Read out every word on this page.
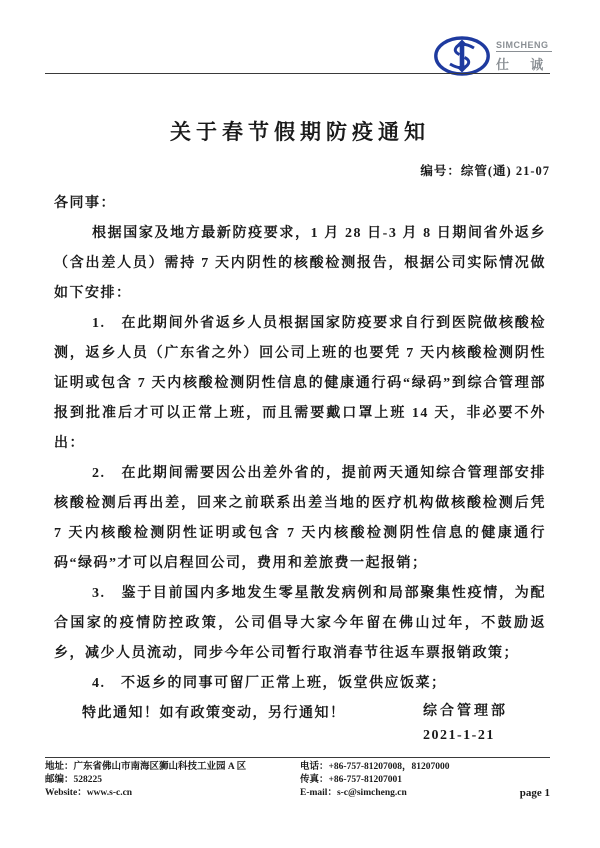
SIMCHENG
仕 诚
关于春节假期防疫通知
编号：综管(通) 21-07

各同事：

根据国家及地方最新防疫要求，1 月 28 日-3 月 8 日期间省外返乡（含出差人员）需持 7 天内阴性的核酸检测报告，根据公司实际情况做如下安排：

1.　在此期间外省返乡人员根据国家防疫要求自行到医院做核酸检测，返乡人员（广东省之外）回公司上班的也要凭 7 天内核酸检测阴性证明或包含 7 天内核酸检测阴性信息的健康通行码“绿码”到综合管理部报到批准后才可以正常上班，而且需要戴口罩上班 14 天，非必要不外出：

2.　在此期间需要因公出差外省的，提前两天通知综合管理部安排核酸检测后再出差，回来之前联系出差当地的医疗机构做核酸检测后凭 7 天内核酸检测阴性证明或包含 7 天内核酸检测阴性信息的健康通行码“绿码”才可以启程回公司，费用和差旅费一起报销；

3.　鉴于目前国内多地发生零星散发病例和局部聚集性疫情，为配合国家的疫情防控政策，公司倡导大家今年留在佛山过年，不鼓励返乡，减少人员流动，同步今年公司暂行取消春节往返车票报销政策；

4.　不返乡的同事可留厂正常上班，饭堂供应饭菜；

特此通知！如有政策变动，另行通知！	综合管理部
2021-1-21
地址：广东省佛山市南海区狮山科技工业园 A 区
邮编：528225
Website：www.s-c.cn
电话：+86-757-81207008，81207000
传真：+86-757-81207001
E-mail：s-c@simcheng.cn	page 1
